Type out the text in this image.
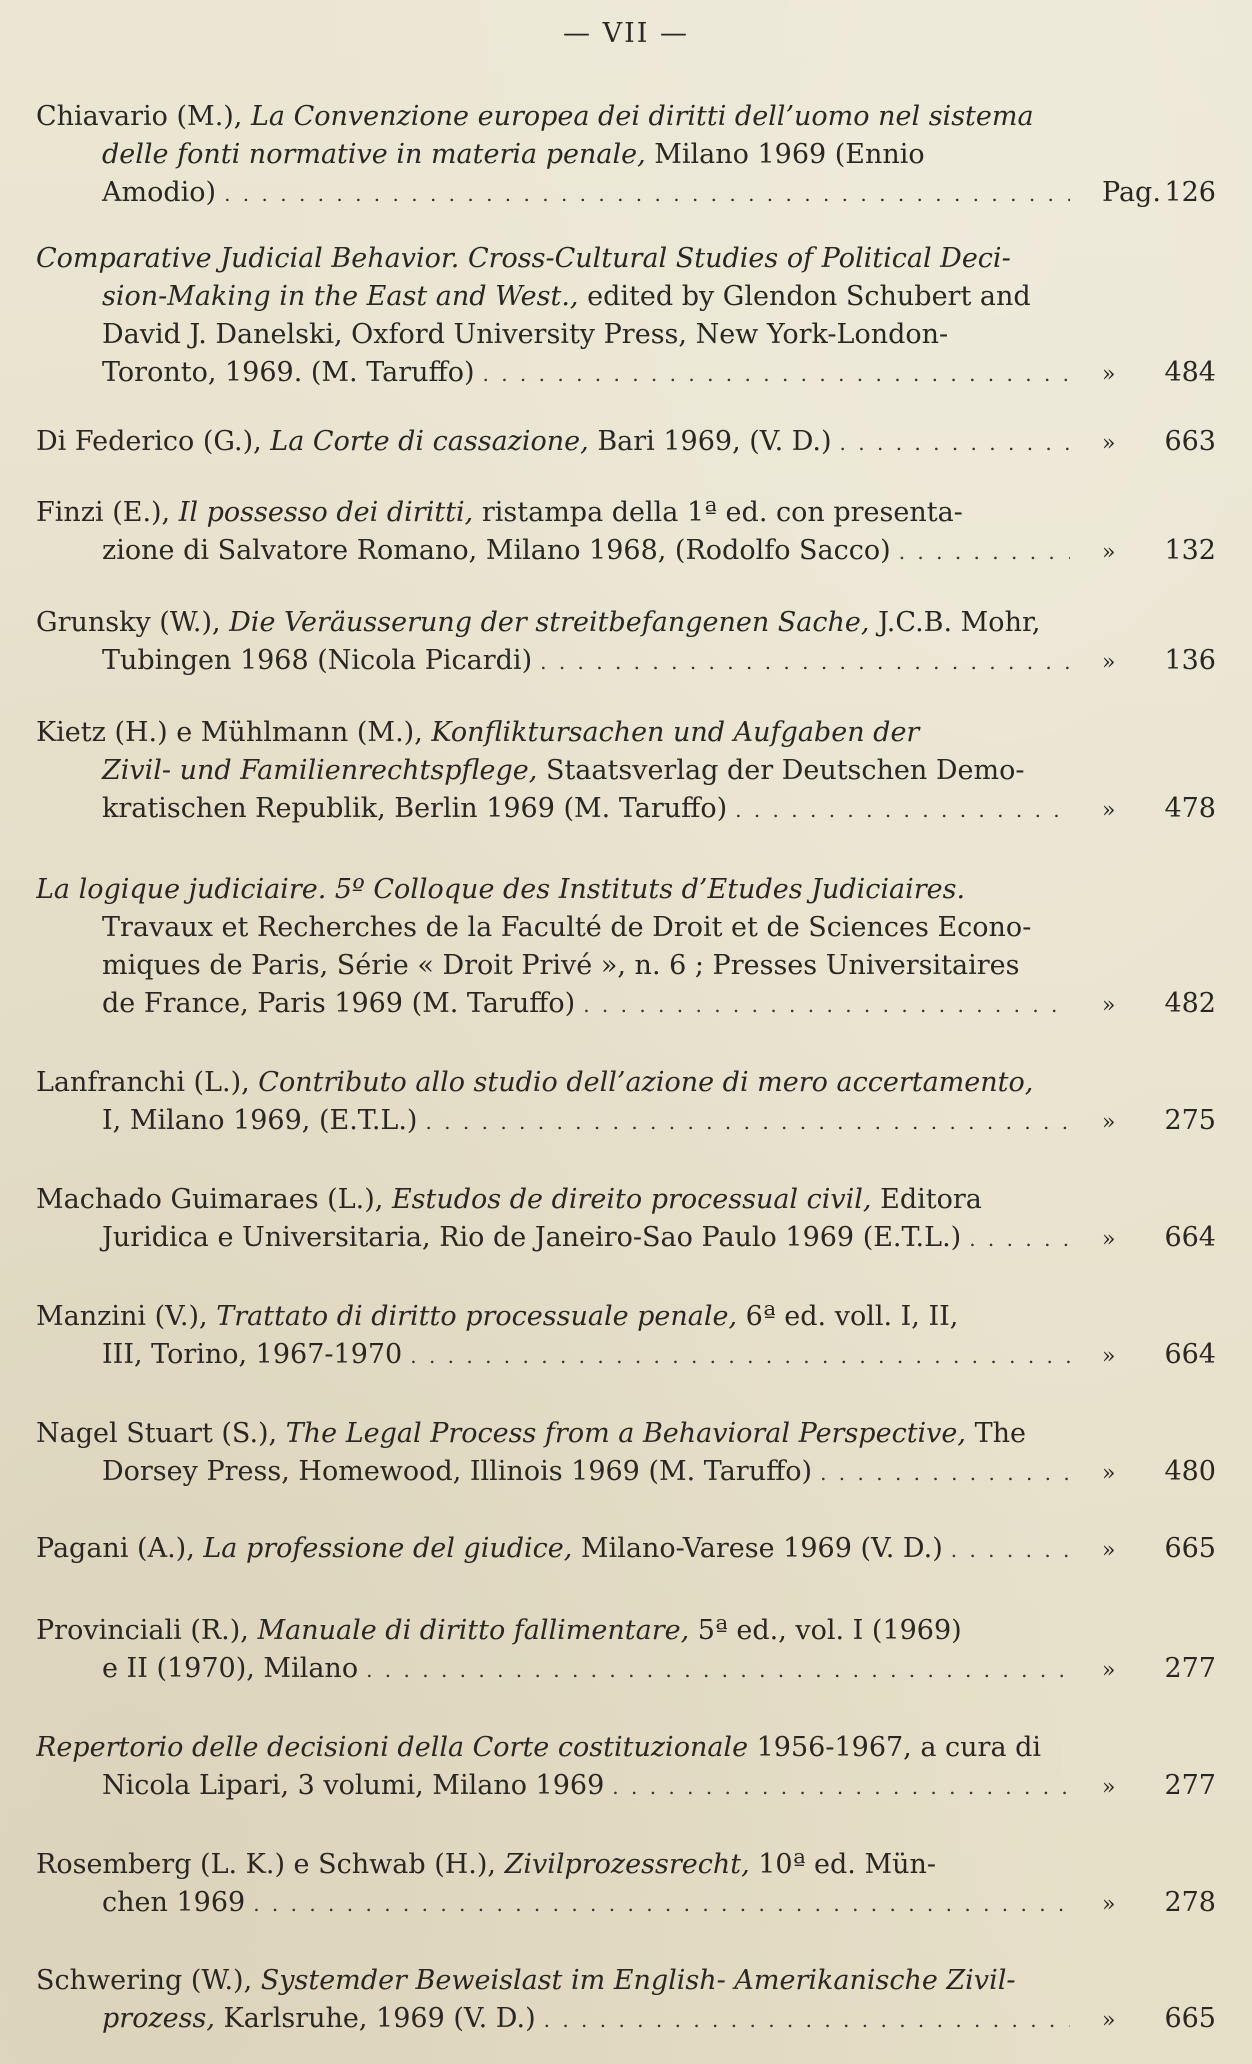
— VII —
Chiavario (M.), La Convenzione europea dei diritti dell’uomo nel sistema
delle fonti normative in materia penale, Milano 1969 (Ennio
Pag. 126
Amodio)
. . .
Comparative Judicial Behavior. Cross-Cultural Studies of Political Deci-
sion-Making in the East and West., edited by Glendon Schubert and
David J. Danelski, Oxford University Press, New York-London-
» 484
Toronto, 1969. (M. Taruffo)
. . .
» 663
Di Federico (G.), La Corte di cassazione, Bari 1969, (V. D.)
. . .
Finzi (E.), Il possesso dei diritti, ristampa della 1ª ed. con presenta-
» 132
zione di Salvatore Romano, Milano 1968, (Rodolfo Sacco)
. . .
Grunsky (W.), Die Veräusserung der streitbefangenen Sache, J.C.B. Mohr,
» 136
Tubingen 1968 (Nicola Picardi)
. . .
Kietz (H.) e Mühlmann (M.), Konfliktursachen und Aufgaben der
Zivil- und Familienrechtspflege, Staatsverlag der Deutschen Demo-
» 478
kratischen Republik, Berlin 1969 (M. Taruffo)
. . .
La logique judiciaire. 5º Colloque des Instituts d’Etudes Judiciaires.
Travaux et Recherches de la Faculté de Droit et de Sciences Econo-
miques de Paris, Série « Droit Privé », n. 6 ; Presses Universitaires
» 482
de France, Paris 1969 (M. Taruffo)
. . .
Lanfranchi (L.), Contributo allo studio dell’azione di mero accertamento,
» 275
I, Milano 1969, (E.T.L.)
. . .
Machado Guimaraes (L.), Estudos de direito processual civil, Editora
» 664
Juridica e Universitaria, Rio de Janeiro-Sao Paulo 1969 (E.T.L.)
. . .
Manzini (V.), Trattato di diritto processuale penale, 6ª ed. voll. I, II,
» 664
III, Torino, 1967-1970
. . .
Nagel Stuart (S.), The Legal Process from a Behavioral Perspective, The
» 480
Dorsey Press, Homewood, Illinois 1969 (M. Taruffo)
. . .
» 665
Pagani (A.), La professione del giudice, Milano-Varese 1969 (V. D.)
. . .
Provinciali (R.), Manuale di diritto fallimentare, 5ª ed., vol. I (1969)
» 277
e II (1970), Milano
. . .
Repertorio delle decisioni della Corte costituzionale 1956-1967, a cura di
» 277
Nicola Lipari, 3 volumi, Milano 1969
. . .
Rosemberg (L. K.) e Schwab (H.), Zivilprozessrecht, 10ª ed. Mün-
» 278
chen 1969
. . .
Schwering (W.), Systemder Beweislast im English- Amerikanische Zivil-
» 665
prozess, Karlsruhe, 1969 (V. D.)
. . .
